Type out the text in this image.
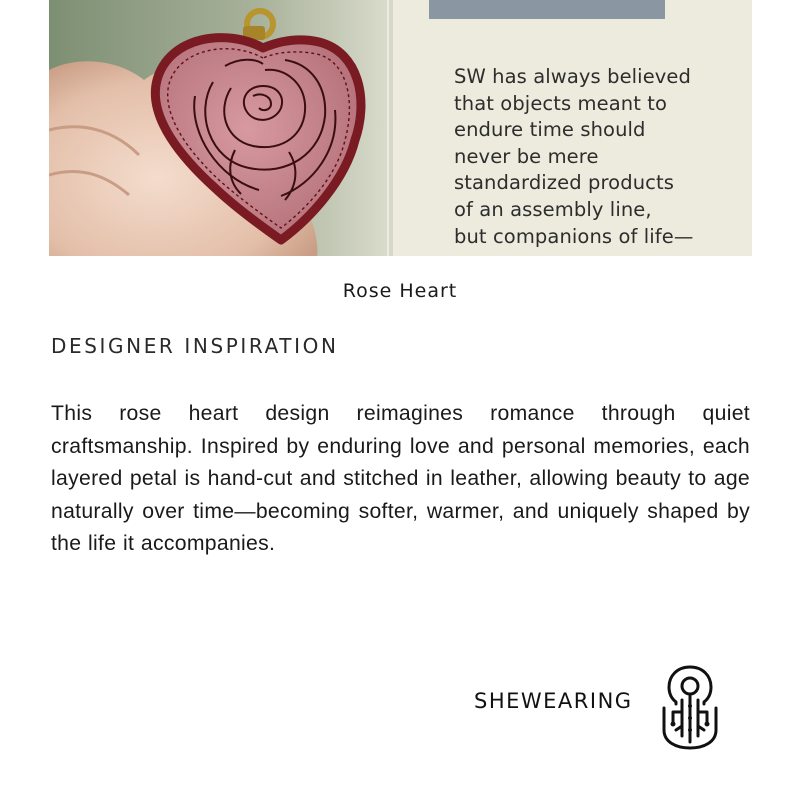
SW has always believed
that objects meant to
endure time should
never be mere
standardized products
of an assembly line,
but companions of life—
Rose Heart
DESIGNER INSPIRATION

This rose heart design reimagines romance through quiet craftsmanship. Inspired by enduring love and personal memories, each layered petal is hand-cut and stitched in leather, allowing beauty to age naturally over time—becoming softer, warmer, and uniquely shaped by the life it accompanies.

SHEWEARING
